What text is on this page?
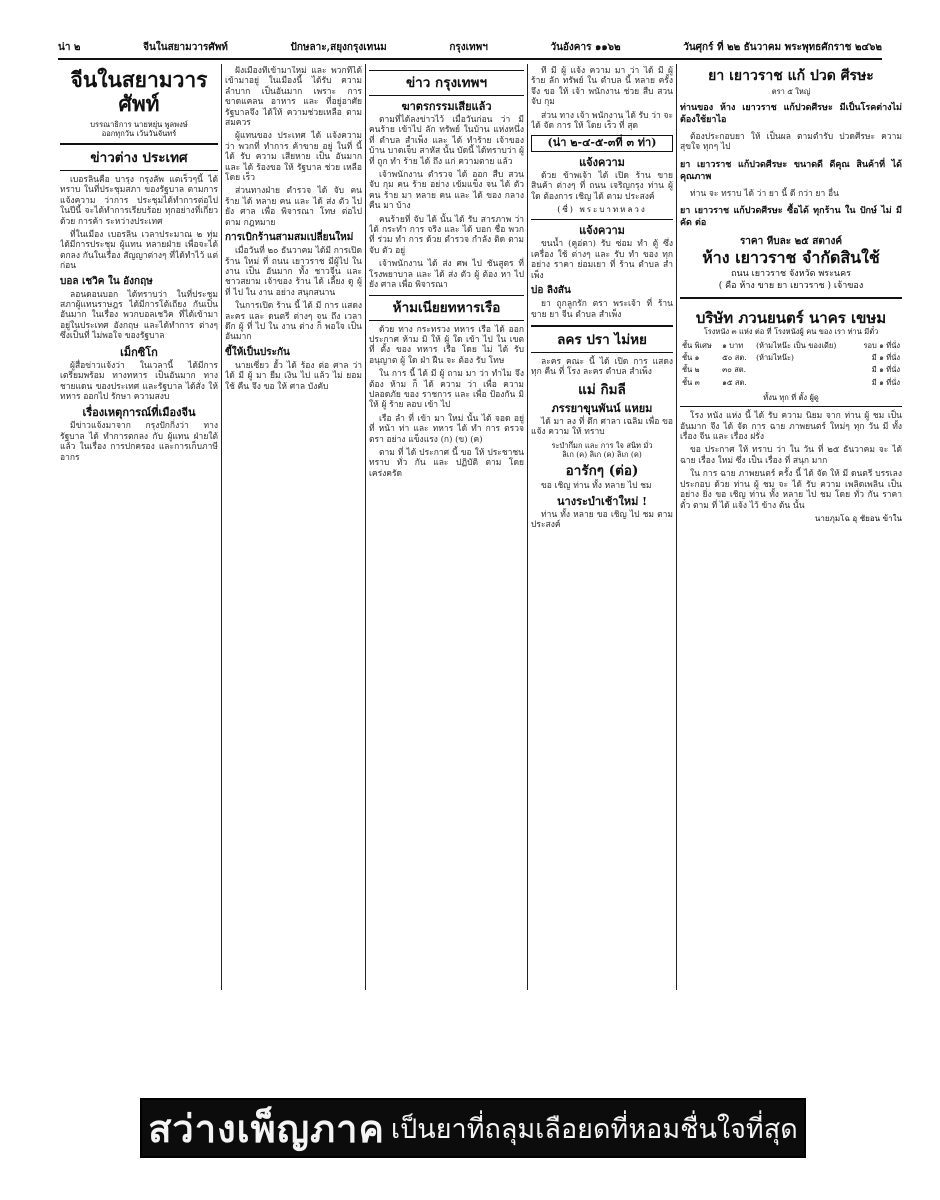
น่า ๒	จีนในสยามวารศัพท์	ปักษลาะ,สยุงกรุงเทนม	กรุงเทพฯ	วันอังคาร ๑๑๖๒	วันศุกร์ ที่ ๒๒ ธันวาคม พระพุทธศักราช ๒๔๖๒
จีนในสยามวารศัพท์
บรรณาธิการ นายหยุ่น พูลพงษ์
ออกทุกวัน เว้นวันจันทร์
ข่าวต่าง ประเทศ

เบอรลินคือ บารุง กรุงลัพ แตเร็วๆนี้ ได้ทราบ ในที่ประชุมสภา ของรัฐบาล ตามการแจ้งความ ว่าการ ประชุมได้ทำการต่อไป ในปีนี้ จะได้ทำการเรียบร้อย ทุกอย่างที่เกี่ยวด้วย การค้า ระหว่างประเทศ

ที่ในเมือง เบอรลิน เวลาประมาณ ๒ ทุ่ม ได้มีการประชุม ผู้แทน หลายฝ่าย เพื่อจะได้ตกลง กันในเรื่อง สัญญาต่างๆ ที่ได้ทำไว้ แต่ก่อน

บอล เชวิค ใน อังกฤษ

ลอนดอนบอก ได้ทราบว่า ในที่ประชุม สภาผู้แทนราษฎร ได้มีการโต้เถียง กันเป็นอันมาก ในเรื่อง พวกบอลเชวิค ที่ได้เข้ามา อยู่ในประเทศ อังกฤษ และได้ทำการ ต่างๆ ซึ่งเป็นที่ ไม่พอใจ ของรัฐบาล

เม็กซิโก

ผู้สื่อข่าวแจ้งว่า ในเวลานี้ ได้มีการ เตรียมพร้อม ทางทหาร เป็นอันมาก ทางชายแดน ของประเทศ และรัฐบาล ได้สั่ง ให้ทหาร ออกไป รักษา ความสงบ

เรื่องเหตุการณ์ที่เมืองจีน

มีข่าวแจ้งมาจาก กรุงปักกิ่งว่า ทางรัฐบาล ได้ ทำการตกลง กับ ผู้แทน ฝ่ายใต้ แล้ว ในเรื่อง การปกครอง และการเก็บภาษีอากร

ฝั่งเมืองที่เข้ามาใหม่ และ พวกที่ได้ เข้ามาอยู่ ในเมืองนี้ ได้รับ ความ ลำบาก เป็นอันมาก เพราะ การ ขาดแคลน อาหาร และ ที่อยู่อาศัย รัฐบาลจึง ได้ให้ ความช่วยเหลือ ตามสมควร

ผู้แทนของ ประเทศ ได้ แจ้งความ ว่า พวกที่ ทำการ ค้าขาย อยู่ ในที่ นี้ ได้ รับ ความ เสียหาย เป็น อันมาก และ ได้ ร้องขอ ให้ รัฐบาล ช่วย เหลือ โดย เร็ว

ส่วนทางฝ่าย ตำรวจ ได้ จับ คน ร้าย ได้ หลาย คน และ ได้ ส่ง ตัว ไป ยัง ศาล เพื่อ พิจารณา โทษ ต่อไป ตาม กฎหมาย

การเบิกร้านสามสมเปลี่ยนใหม่

เมื่อวันที่ ๒๐ ธันวาคม ได้มี การเปิด ร้าน ใหม่ ที่ ถนน เยาวราช มีผู้ไป ในงาน เป็น อันมาก ทั้ง ชาวจีน และ ชาวสยาม เจ้าของ ร้าน ได้ เลี้ยง ดู ผู้ ที่ ไป ใน งาน อย่าง สนุกสนาน

ในการเปิด ร้าน นี้ ได้ มี การ แสดง ละคร และ ดนตรี ต่างๆ จน ถึง เวลา ดึก ผู้ ที่ ไป ใน งาน ต่าง ก็ พอใจ เป็น อันมาก

ขี้ให้เป็นประกัน

นายเซี่ยว ฮั้ว ได้ ร้อง ต่อ ศาล ว่า ได้ มี ผู้ มา ยืม เงิน ไป แล้ว ไม่ ยอม ใช้ คืน จึง ขอ ให้ ศาล บังคับ

ข่าว กรุงเทพฯ
ฆาตรกรรมเสียแล้ว

ตามที่ได้ลงข่าวไว้ เมื่อวันก่อน ว่า มีคนร้าย เข้าไป ลัก ทรัพย์ ในบ้าน แห่งหนึ่ง ที่ ตำบล สำเพ็ง และ ได้ ทำร้าย เจ้าของ บ้าน บาดเจ็บ สาหัส นั้น บัดนี้ ได้ทราบว่า ผู้ ที่ ถูก ทำ ร้าย ได้ ถึง แก่ ความตาย แล้ว

เจ้าพนักงาน ตำรวจ ได้ ออก สืบ สวน จับ กุม คน ร้าย อย่าง เข้มแข็ง จน ได้ ตัว คน ร้าย มา หลาย คน และ ได้ ของ กลาง คืน มา บ้าง

คนร้ายที่ จับ ได้ นั้น ได้ รับ สารภาพ ว่า ได้ กระทำ การ จริง และ ได้ บอก ชื่อ พวก ที่ ร่วม ทำ การ ด้วย ตำรวจ กำลัง ติด ตาม จับ ตัว อยู่

เจ้าพนักงาน ได้ ส่ง ศพ ไป ชันสูตร ที่ โรงพยาบาล และ ได้ ส่ง ตัว ผู้ ต้อง หา ไป ยัง ศาล เพื่อ พิจารณา

ห้ามเนียยทหารเรือ

ด้วย ทาง กระทรวง ทหาร เรือ ได้ ออก ประกาศ ห้าม มิ ให้ ผู้ ใด เข้า ไป ใน เขต ที่ ตั้ง ของ ทหาร เรือ โดย ไม่ ได้ รับ อนุญาต ผู้ ใด ฝ่า ฝืน จะ ต้อง รับ โทษ

ใน การ นี้ ได้ มี ผู้ ถาม มา ว่า ทำไม จึง ต้อง ห้าม ก็ ได้ ความ ว่า เพื่อ ความ ปลอดภัย ของ ราชการ และ เพื่อ ป้องกัน มิ ให้ ผู้ ร้าย ลอบ เข้า ไป

เรือ ลำ ที่ เข้า มา ใหม่ นั้น ได้ จอด อยู่ ที่ หน้า ท่า และ ทหาร ได้ ทำ การ ตรวจ ตรา อย่าง แข็งแรง (ก) (ข) (ค)

ตาม ที่ ได้ ประกาศ นี้ ขอ ให้ ประชาชน ทราบ ทั่ว กัน และ ปฏิบัติ ตาม โดย เคร่งครัด

ที่ มี ผู้ แจ้ง ความ มา ว่า ได้ มี ผู้ ร้าย ลัก ทรัพย์ ใน ตำบล นี้ หลาย ครั้ง จึง ขอ ให้ เจ้า พนักงาน ช่วย สืบ สวน จับ กุม

ส่วน ทาง เจ้า พนักงาน ได้ รับ ว่า จะ ได้ จัด การ ให้ โดย เร็ว ที่ สุด

(น่า ๒-๔-๕-๓ที่ ๓ ท่า)
แจ้งความ

ด้วย ข้าพเจ้า ได้ เปิด ร้าน ขาย สินค้า ต่างๆ ที่ ถนน เจริญกรุง ท่าน ผู้ ใด ต้องการ เชิญ ได้ ตาม ประสงค์

(ซี่) พระบาทหลวง
แจ้งความ

ขนน้ำ (คูอ่ตา) รับ ซ่อม ทำ ตู้ ซึ่ง เครื่อง ใช้ ต่างๆ และ รับ ทำ ของ ทุก อย่าง ราคา ย่อมเยา ที่ ร้าน ตำบล สำเพ็ง

บ่อ ลิงสัน

ยา ถูกลูกรัก ตรา พระเจ้า ที่ ร้าน ขาย ยา จีน ตำบล สำเพ็ง

ลคร ปรา ไม่หย

ละคร คณะ นี้ ได้ เปิด การ แสดง ทุก คืน ที่ โรง ละคร ตำบล สำเพ็ง

แม่ กิมลี
ภรรยาขุนพันน์ แหยม

ได้ มา ลง ที่ ตึก ศาลา เฉลิม เพื่อ ขอ แจ้ง ความ ให้ ทราบ

ระบำกึ่มก และ การ ใจ สนิท มั่ว
ลิเก (ค) ลิเก (ค) ลิเก (ค)
อารักๆ (ต่อ)

ขอ เชิญ ท่าน ทั้ง หลาย ไป ชม

นางระบำเช้าใหม่ !

ท่าน ทั้ง หลาย ขอ เชิญ ไป ชม ตาม ประสงค์

ยา เยาวราช แก้ ปวด ศีรษะ
ตรา ๕ ใหญ่
ท่านของ ห้าง เยาวราช แก้ปวดศีรษะ มีเป็นโรคต่างไม่ ต้องใช้ยาไอ

ต้องประกอบยา ให้ เป็นผล ตามตำรับ ปวดศีรษะ ความ สุขใจ ทุกๆ ไป

ยา เยาวราช แก้ปวดศีรษะ ขนาดดี ดีคุณ สินค้าที่ ได้ คุณภาพ

ท่าน จะ ทราบ ได้ ว่า ยา นี้ ดี กว่า ยา อื่น

ยา เยาวราช แก้ปวดศีรษะ ซื้อได้ ทุกร้าน ใน ปักษ์ ไม่ มี คัด ต่อ
ราคา หีบละ ๒๕ สตางค์
ห้าง เยาวราช จำกัดสินใช้
ถนน เยาวราช จังหวัด พระนคร
( คือ ห้าง ขาย ยา เยาวราช ) เจ้าของ
บริษัท ภวนยนตร์ นาคร เขษม
โรงหนัง ๓ แห่ง ต่อ ที่ โรงหนังผู้ คน ของ เรา ท่าน มีตั๋ว
ชั้น พิเศษ	๑ บาท	(ห้ามไหน๊ะ เป็น ของเดีย)	รอบ ๑ ที่นั่ง
ชั้น ๑	๕๐ สต.	(ห้ามไหน๊ะ)	มี ๑ ที่นั่ง
ชั้น ๒	๓๐ สต.		มี ๑ ที่นั่ง
ชั้น ๓	๑๕ สต.		มี ๑ ที่นั่ง
ทั้งน ทุก ที่ ตั้ง ผู้ดู

โรง หนัง แห่ง นี้ ได้ รับ ความ นิยม จาก ท่าน ผู้ ชม เป็น อันมาก จึง ได้ จัด การ ฉาย ภาพยนตร์ ใหม่ๆ ทุก วัน มี ทั้ง เรื่อง จีน และ เรื่อง ฝรั่ง

ขอ ประกาศ ให้ ทราบ ว่า ใน วัน ที่ ๒๕ ธันวาคม จะ ได้ ฉาย เรื่อง ใหม่ ซึ่ง เป็น เรื่อง ที่ สนุก มาก

ใน การ ฉาย ภาพยนตร์ ครั้ง นี้ ได้ จัด ให้ มี ดนตรี บรรเลง ประกอบ ด้วย ท่าน ผู้ ชม จะ ได้ รับ ความ เพลิดเพลิน เป็น อย่าง ยิ่ง ขอ เชิญ ท่าน ทั้ง หลาย ไป ชม โดย ทั่ว กัน ราคา ตั๋ว ตาม ที่ ได้ แจ้ง ไว้ ข้าง ต้น นั้น

นายภุมโฉ อุ ชัยอน ข้าใน
สว่างเพ็ญภาค เป็นยาที่ถลุมเลือยดที่หอมชื่นใจที่สุด
